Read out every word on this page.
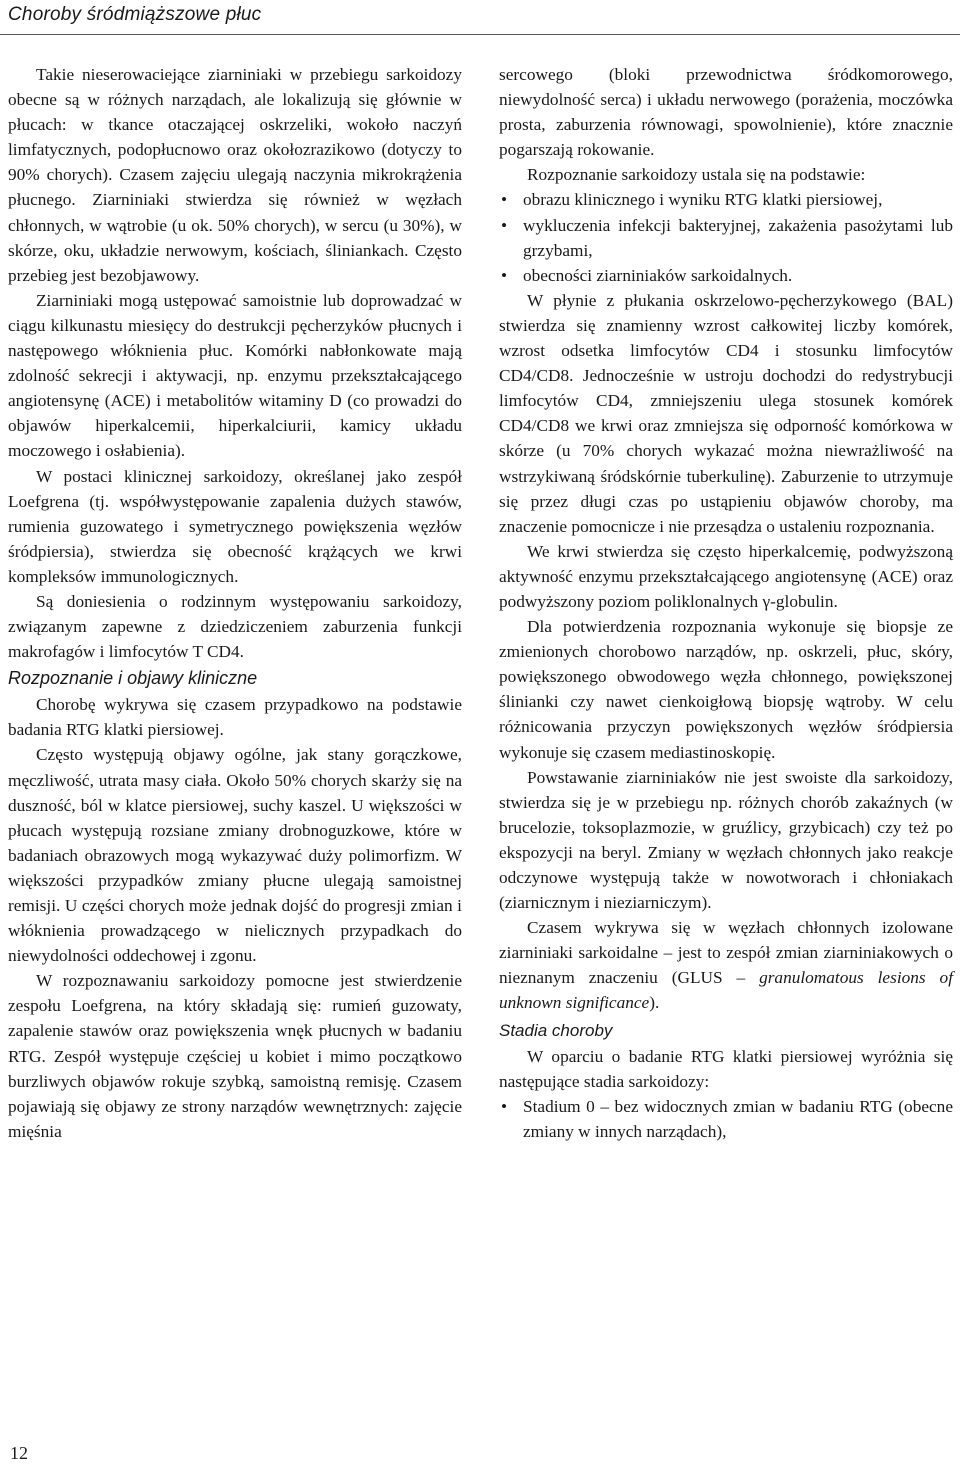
Choroby śródmiąższowe płuc

Takie nieserowaciejące ziarniniaki w przebiegu sarkoidozy obecne są w różnych narządach, ale lokalizują się głównie w płucach: w tkance otaczającej oskrzeliki, wokoło naczyń limfatycznych, podopłucnowo oraz okołozrazikowo (dotyczy to 90% chorych). Czasem zajęciu ulegają naczynia mikrokrążenia płucnego. Ziarniniaki stwierdza się również w węzłach chłonnych, w wątrobie (u ok. 50% chorych), w sercu (u 30%), w skórze, oku, układzie nerwowym, kościach, śliniankach. Często przebieg jest bezobjawowy.

Ziarniniaki mogą ustępować samoistnie lub doprowadzać w ciągu kilkunastu miesięcy do destrukcji pęcherzyków płucnych i następowego włóknienia płuc. Komórki nabłonkowate mają zdolność sekrecji i aktywacji, np. enzymu przekształcającego angiotensynę (ACE) i metabolitów witaminy D (co prowadzi do objawów hiperkalcemii, hiperkalciurii, kamicy układu moczowego i osłabienia).

W postaci klinicznej sarkoidozy, określanej jako zespół Loefgrena (tj. współwystępowanie zapalenia dużych stawów, rumienia guzowatego i symetrycznego powiększenia węzłów śródpiersia), stwierdza się obecność krążących we krwi kompleksów immunologicznych.

Są doniesienia o rodzinnym występowaniu sarkoidozy, związanym zapewne z dziedziczeniem zaburzenia funkcji makrofagów i limfocytów T CD4.

Rozpoznanie i objawy kliniczne

Chorobę wykrywa się czasem przypadkowo na podstawie badania RTG klatki piersiowej.

Często występują objawy ogólne, jak stany gorączkowe, męczliwość, utrata masy ciała. Około 50% chorych skarży się na duszność, ból w klatce piersiowej, suchy kaszel. U większości w płucach występują rozsiane zmiany drobnoguzkowe, które w badaniach obrazowych mogą wykazywać duży polimorfizm. W większości przypadków zmiany płucne ulegają samoistnej remisji. U części chorych może jednak dojść do progresji zmian i włóknienia prowadzącego w nielicznych przypadkach do niewydolności oddechowej i zgonu.

W rozpoznawaniu sarkoidozy pomocne jest stwierdzenie zespołu Loefgrena, na który składają się: rumień guzowaty, zapalenie stawów oraz powiększenia wnęk płucnych w badaniu RTG. Zespół występuje częściej u kobiet i mimo początkowo burzliwych objawów rokuje szybką, samoistną remisję. Czasem pojawiają się objawy ze strony narządów wewnętrznych: zajęcie mięśnia

sercowego (bloki przewodnictwa śródkomorowego, niewydolność serca) i układu nerwowego (porażenia, moczówka prosta, zaburzenia równowagi, spowolnienie), które znacznie pogarszają rokowanie.

Rozpoznanie sarkoidozy ustala się na podstawie:

• obrazu klinicznego i wyniku RTG klatki piersiowej,
• wykluczenia infekcji bakteryjnej, zakażenia pasożytami lub grzybami,
• obecności ziarniniaków sarkoidalnych.

W płynie z płukania oskrzelowo-pęcherzykowego (BAL) stwierdza się znamienny wzrost całkowitej liczby komórek, wzrost odsetka limfocytów CD4 i stosunku limfocytów CD4/CD8. Jednocześnie w ustroju dochodzi do redystrybucji limfocytów CD4, zmniejszeniu ulega stosunek komórek CD4/CD8 we krwi oraz zmniejsza się odporność komórkowa w skórze (u 70% chorych wykazać można niewrażliwość na wstrzykiwaną śródskórnie tuberkulinę). Zaburzenie to utrzymuje się przez długi czas po ustąpieniu objawów choroby, ma znaczenie pomocnicze i nie przesądza o ustaleniu rozpoznania.

We krwi stwierdza się często hiperkalcemię, podwyższoną aktywność enzymu przekształcającego angiotensynę (ACE) oraz podwyższony poziom poliklonalnych γ-globulin.

Dla potwierdzenia rozpoznania wykonuje się biopsje ze zmienionych chorobowo narządów, np. oskrzeli, płuc, skóry, powiększonego obwodowego węzła chłonnego, powiększonej ślinianki czy nawet cienkoigłową biopsję wątroby. W celu różnicowania przyczyn powiększonych węzłów śródpiersia wykonuje się czasem mediastinoskopię.

Powstawanie ziarniniaków nie jest swoiste dla sarkoidozy, stwierdza się je w przebiegu np. różnych chorób zakaźnych (w brucelozie, toksoplazmozie, w gruźlicy, grzybicach) czy też po ekspozycji na beryl. Zmiany w węzłach chłonnych jako reakcje odczynowe występują także w nowotworach i chłoniakach (ziarnicznym i nieziarniczym).

Czasem wykrywa się w węzłach chłonnych izolowane ziarniniaki sarkoidalne – jest to zespół zmian ziarniniakowych o nieznanym znaczeniu (GLUS – granulomatous lesions of unknown significance).

Stadia choroby

W oparciu o badanie RTG klatki piersiowej wyróżnia się następujące stadia sarkoidozy:

• Stadium 0 – bez widocznych zmian w badaniu RTG (obecne zmiany w innych narządach),
12
